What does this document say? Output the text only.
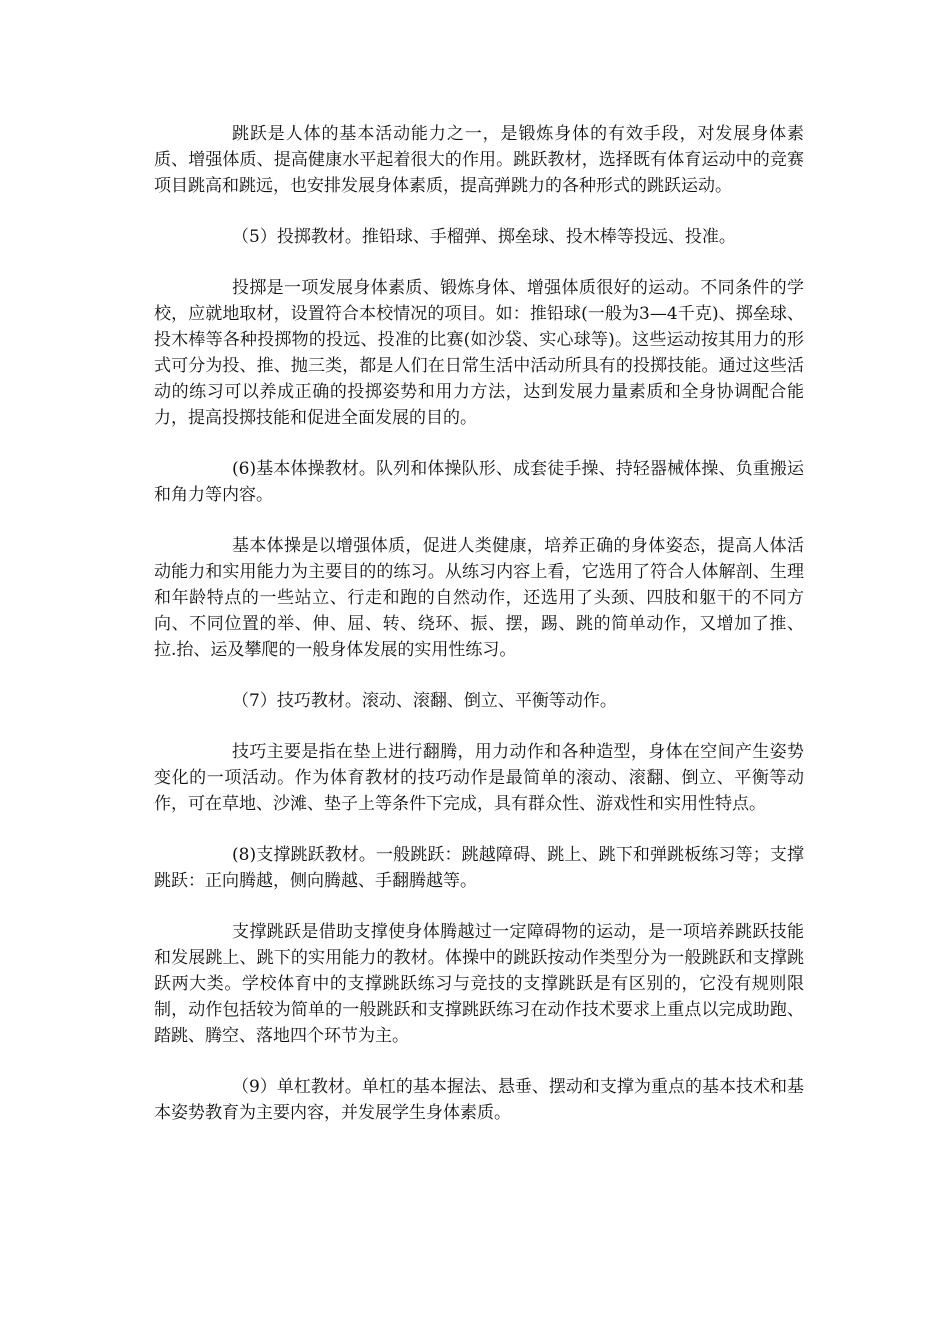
跳跃是人体的基本活动能力之一，是锻炼身体的有效手段，对发展身体素质、增强体质、提高健康水平起着很大的作用。跳跃教材，选择既有体育运动中的竞赛项目跳高和跳远，也安排发展身体素质，提高弹跳力的各种形式的跳跃运动。

（5）投掷教材。推铅球、手榴弹、掷垒球、投木棒等投远、投准。

投掷是一项发展身体素质、锻炼身体、增强体质很好的运动。不同条件的学校，应就地取材，设置符合本校情况的项目。如：推铅球(一般为3—4千克)、掷垒球、投木棒等各种投掷物的投远、投准的比赛(如沙袋、实心球等)。这些运动按其用力的形式可分为投、推、抛三类，都是人们在日常生活中活动所具有的投掷技能。通过这些活动的练习可以养成正确的投掷姿势和用力方法，达到发展力量素质和全身协调配合能力，提高投掷技能和促进全面发展的目的。

(6)基本体操教材。队列和体操队形、成套徒手操、持轻器械体操、负重搬运和角力等内容。

基本体操是以增强体质，促进人类健康，培养正确的身体姿态，提高人体活动能力和实用能力为主要目的的练习。从练习内容上看，它选用了符合人体解剖、生理和年龄特点的一些站立、行走和跑的自然动作，还选用了头颈、四肢和躯干的不同方向、不同位置的举、伸、屈、转、绕环、振、摆，踢、跳的简单动作，又增加了推、拉.抬、运及攀爬的一般身体发展的实用性练习。

（7）技巧教材。滚动、滚翻、倒立、平衡等动作。

技巧主要是指在垫上进行翻腾，用力动作和各种造型，身体在空间产生姿势变化的一项活动。作为体育教材的技巧动作是最简单的滚动、滚翻、倒立、平衡等动作，可在草地、沙滩、垫子上等条件下完成，具有群众性、游戏性和实用性特点。

(8)支撑跳跃教材。一般跳跃：跳越障碍、跳上、跳下和弹跳板练习等；支撑跳跃：正向腾越，侧向腾越、手翻腾越等。

支撑跳跃是借助支撑使身体腾越过一定障碍物的运动，是一项培养跳跃技能和发展跳上、跳下的实用能力的教材。体操中的跳跃按动作类型分为一般跳跃和支撑跳跃两大类。学校体育中的支撑跳跃练习与竞技的支撑跳跃是有区别的，它没有规则限制，动作包括较为简单的一般跳跃和支撑跳跃练习在动作技术要求上重点以完成助跑、踏跳、腾空、落地四个环节为主。

（9）单杠教材。单杠的基本握法、悬垂、摆动和支撑为重点的基本技术和基本姿势教育为主要内容，并发展学生身体素质。
